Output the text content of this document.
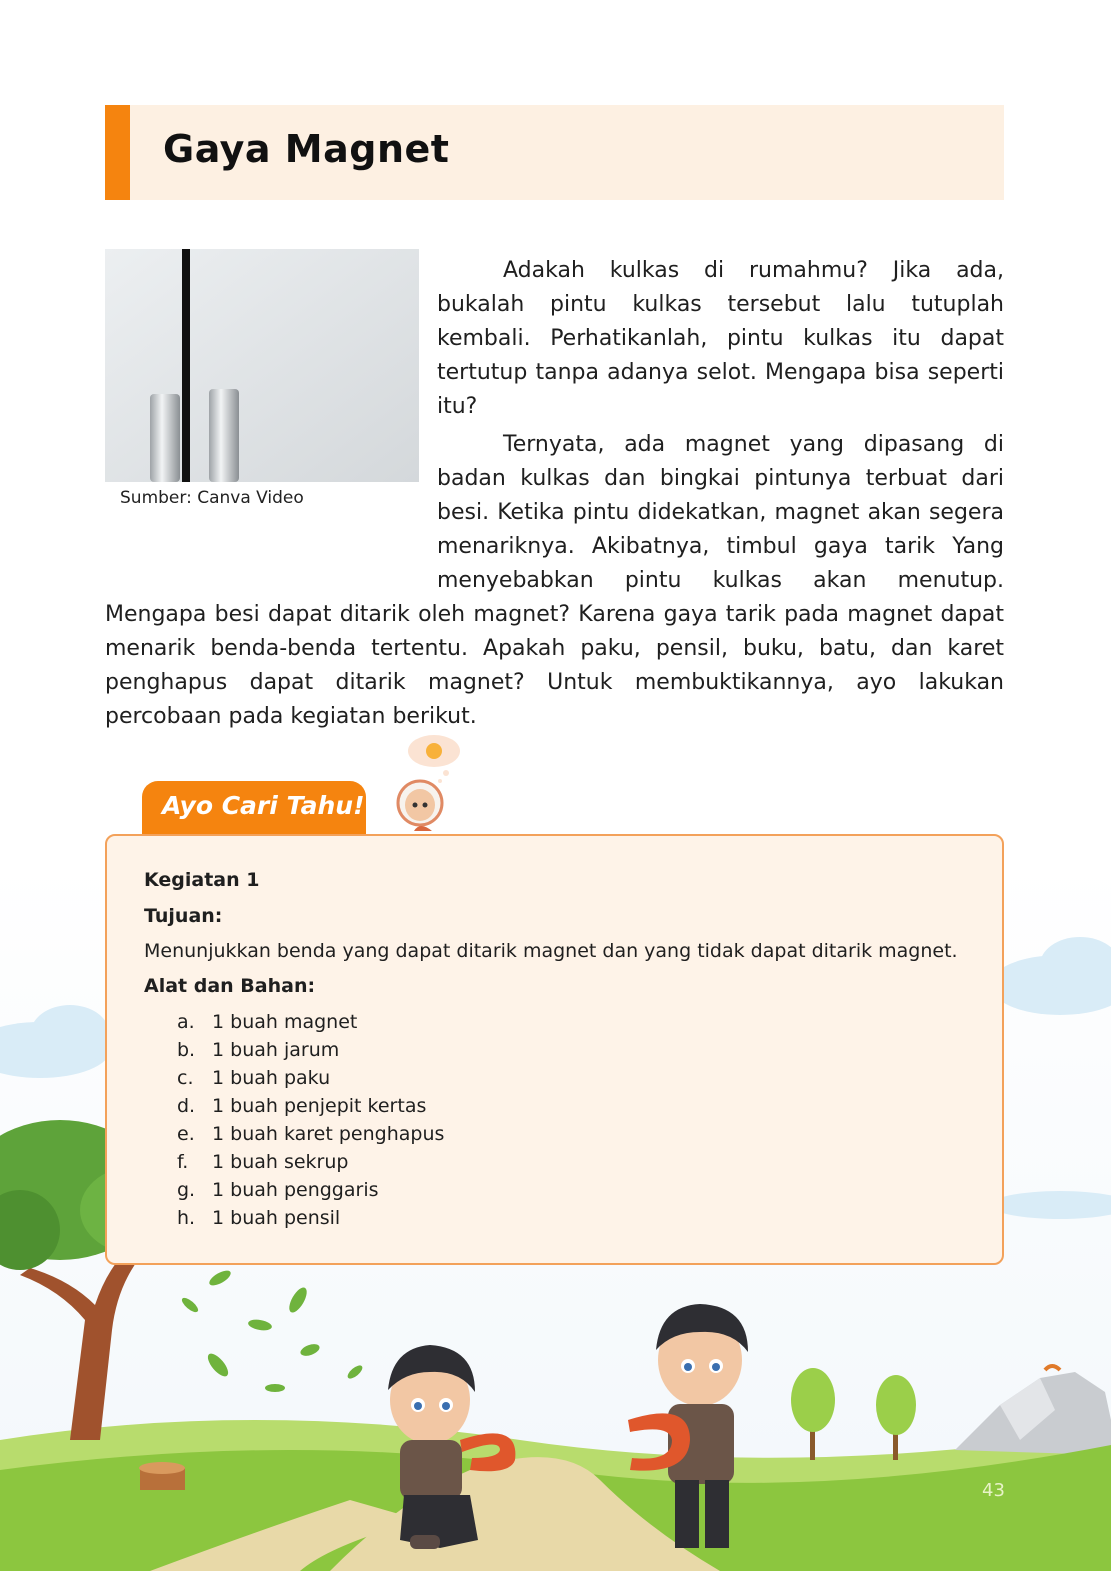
Gaya Magnet
Sumber: Canva Video

Adakah kulkas di rumahmu? Jika ada, bukalah pintu kulkas tersebut lalu tutuplah kembali. Perhatikanlah, pintu kulkas itu dapat tertutup tanpa adanya selot. Mengapa bisa seperti itu?

Ternyata, ada magnet yang dipasang di badan kulkas dan bingkai pintunya terbuat dari besi. Ketika pintu didekatkan, magnet akan segera menariknya. Akibatnya, timbul gaya tarik Yang menyebabkan pintu kulkas akan menutup. Mengapa besi dapat ditarik oleh magnet? Karena gaya tarik pada magnet dapat menarik benda-benda tertentu. Apakah paku, pensil, buku, batu, dan karet penghapus dapat ditarik magnet? Untuk membuktikannya, ayo lakukan percobaan pada kegiatan berikut.

Ayo Cari Tahu!
Kegiatan 1
Tujuan:
Menunjukkan benda yang dapat ditarik magnet dan yang tidak dapat ditarik magnet.
Alat dan Bahan:
a. 1 buah magnet
b. 1 buah jarum
c. 1 buah paku
d. 1 buah penjepit kertas
e. 1 buah karet penghapus
f. 1 buah sekrup
g. 1 buah penggaris
h. 1 buah pensil
43
